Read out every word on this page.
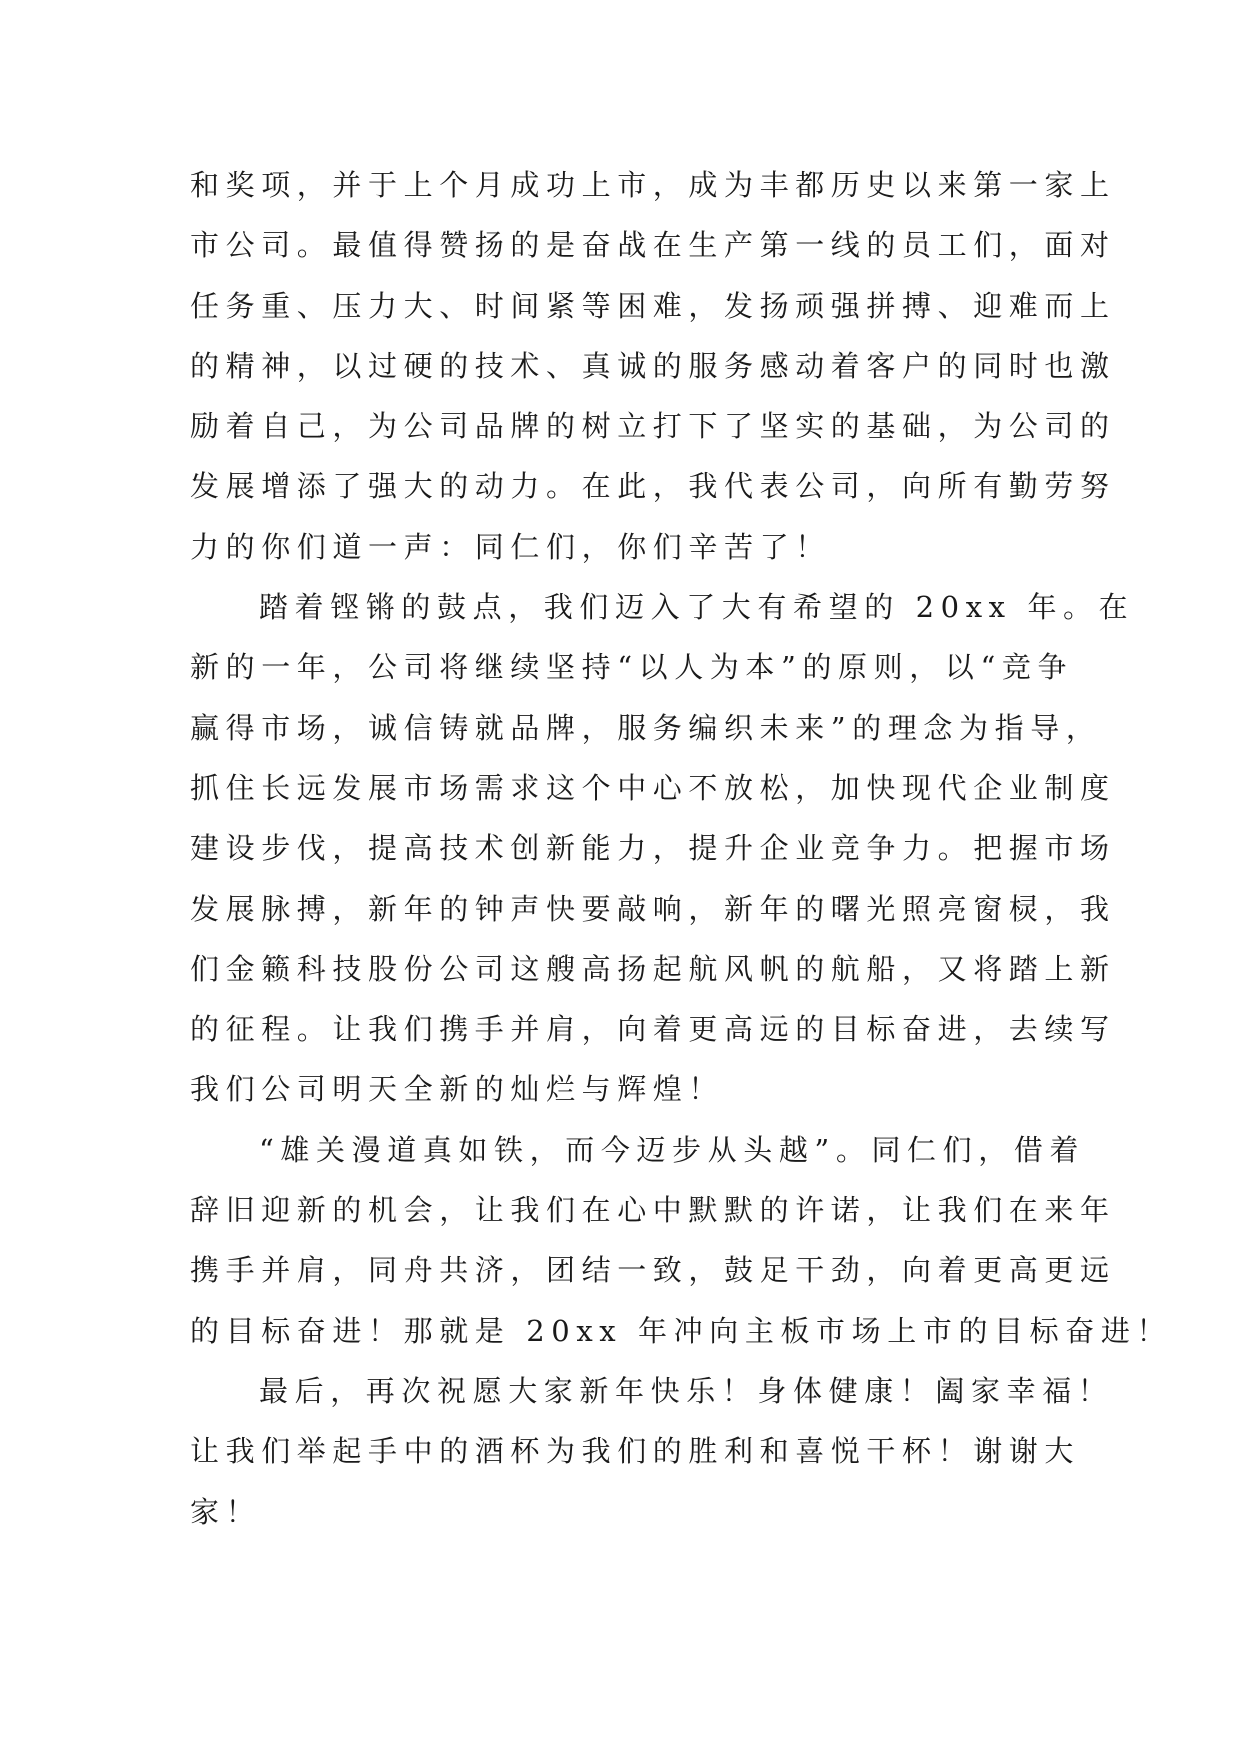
和奖项，并于上个月成功上市，成为丰都历史以来第一家上
市公司。最值得赞扬的是奋战在生产第一线的员工们，面对
任务重、压力大、时间紧等困难，发扬顽强拼搏、迎难而上
的精神，以过硬的技术、真诚的服务感动着客户的同时也激
励着自己，为公司品牌的树立打下了坚实的基础，为公司的
发展增添了强大的动力。在此，我代表公司，向所有勤劳努
力的你们道一声：同仁们，你们辛苦了！
踏着铿锵的鼓点，我们迈入了大有希望的 20xx 年。在
新的一年，公司将继续坚持“以人为本”的原则，以“竞争
赢得市场，诚信铸就品牌，服务编织未来”的理念为指导，
抓住长远发展市场需求这个中心不放松，加快现代企业制度
建设步伐，提高技术创新能力，提升企业竞争力。把握市场
发展脉搏，新年的钟声快要敲响，新年的曙光照亮窗棂，我
们金籁科技股份公司这艘高扬起航风帆的航船，又将踏上新
的征程。让我们携手并肩，向着更高远的目标奋进，去续写
我们公司明天全新的灿烂与辉煌！
“雄关漫道真如铁，而今迈步从头越”。同仁们，借着
辞旧迎新的机会，让我们在心中默默的许诺，让我们在来年
携手并肩，同舟共济，团结一致，鼓足干劲，向着更高更远
的目标奋进！那就是 20xx 年冲向主板市场上市的目标奋进！
最后，再次祝愿大家新年快乐！身体健康！阖家幸福！
让我们举起手中的酒杯为我们的胜利和喜悦干杯！谢谢大
家！
